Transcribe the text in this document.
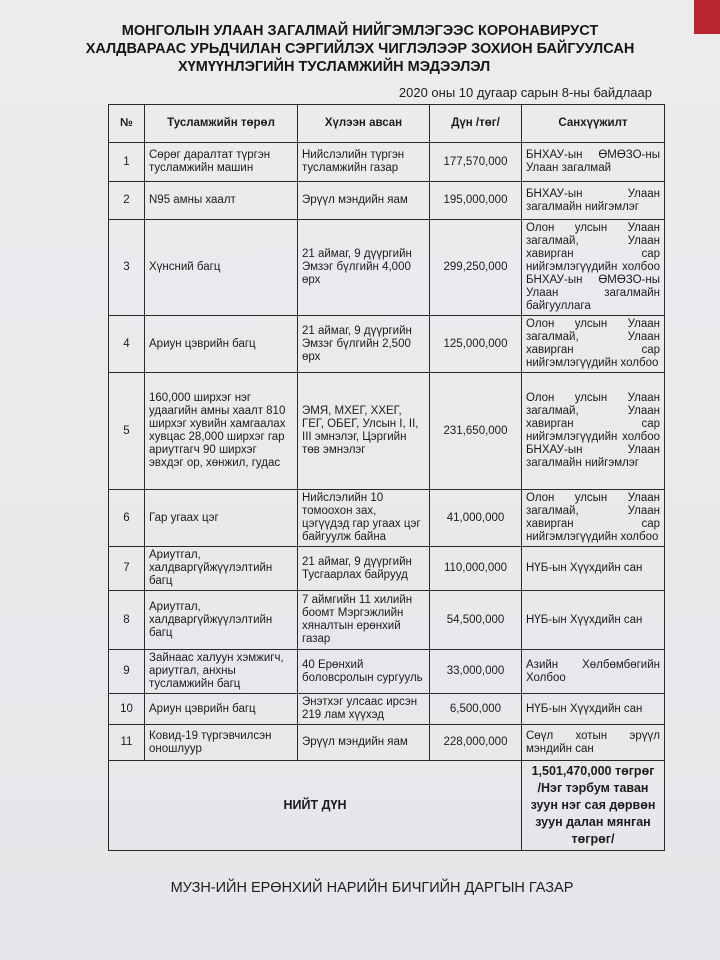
МОНГОЛЫН УЛААН ЗАГАЛМАЙ НИЙГЭМЛЭГЭЭС КОРОНАВИРУСТ
ХАЛДВАРААС УРЬДЧИЛАН СЭРГИЙЛЭХ ЧИГЛЭЛЭЭР ЗОХИОН БАЙГУУЛСАН
ХҮМҮҮНЛЭГИЙН ТУСЛАМЖИЙН МЭДЭЭЛЭЛ
2020 оны 10 дугаар сарын 8-ны байдлаар
№	Тусламжийн төрөл	Хүлээн авсан	Дүн /төг/	Санхүүжилт
1	Сөрөг даралтат түргэн тусламжийн машин	Нийслэлийн түргэн тусламжийн газар	177,570,000	БНХАУ-ын ӨМӨЗО-ны Улаан загалмай
2	N95 амны хаалт	Эрүүл мэндийн яам	195,000,000	БНХАУ-ын Улаан загалмайн нийгэмлэг
3	Хүнсний багц	21 аймаг, 9 дүүргийн Эмзэг бүлгийн 4,000 өрх	299,250,000	Олон улсын Улаан загалмай, Улаан хавирган сар нийгэмлэгүүдийн холбоо БНХАУ-ын ӨМӨЗО-ны Улаан загалмайн байгууллага
4	Ариун цэврийн багц	21 аймаг, 9 дүүргийн Эмзэг бүлгийн 2,500 өрх	125,000,000	Олон улсын Улаан загалмай, Улаан хавирган сар нийгэмлэгүүдийн холбоо
5	160,000 ширхэг нэг удаагийн амны хаалт 810 ширхэг хувийн хамгаалах хувцас 28,000 ширхэг гар ариутгагч 90 ширхэг эвхдэг ор, хөнжил, гудас	ЭМЯ, МХЕГ, ХХЕГ, ГЕГ, ОБЕГ, Улсын I, II, III эмнэлэг, Цэргийн төв эмнэлэг	231,650,000	Олон улсын Улаан загалмай, Улаан хавирган сар нийгэмлэгүүдийн холбоо БНХАУ-ын Улаан загалмайн нийгэмлэг
6	Гар угаах цэг	Нийслэлийн 10 томоохон зах, цэгүүдэд гар угаах цэг байгуулж байна	41,000,000	Олон улсын Улаан загалмай, Улаан хавирган сар нийгэмлэгүүдийн холбоо
7	Ариутгал, халдваргүйжүүлэлтийн багц	21 аймаг, 9 дүүргийн Тусгаарлах байрууд	110,000,000	НҮБ-ын Хүүхдийн сан
8	Ариутгал, халдваргүйжүүлэлтийн багц	7 аймгийн 11 хилийн боомт Мэргэжлийн хяналтын ерөнхий газар	54,500,000	НҮБ-ын Хүүхдийн сан
9	Зайнаас халуун хэмжигч, ариутгал, анхны тусламжийн багц	40 Ерөнхий боловсролын сургууль	33,000,000	Азийн Хөлбөмбөгийн Холбоо
10	Ариун цэврийн багц	Энэтхэг улсаас ирсэн 219 лам хүүхэд	6,500,000	НҮБ-ын Хүүхдийн сан
11	Ковид-19 түргэвчилсэн оношлуур	Эрүүл мэндийн яам	228,000,000	Сөүл хотын эрүүл мэндийн сан
НИЙТ ДҮН				1,501,470,000 төгрөг
/Нэг тэрбум таван зуун нэг сая дөрвөн зуун далан мянган төгрөг/
МУЗН-ИЙН ЕРӨНХИЙ НАРИЙН БИЧГИЙН ДАРГЫН ГАЗАР
